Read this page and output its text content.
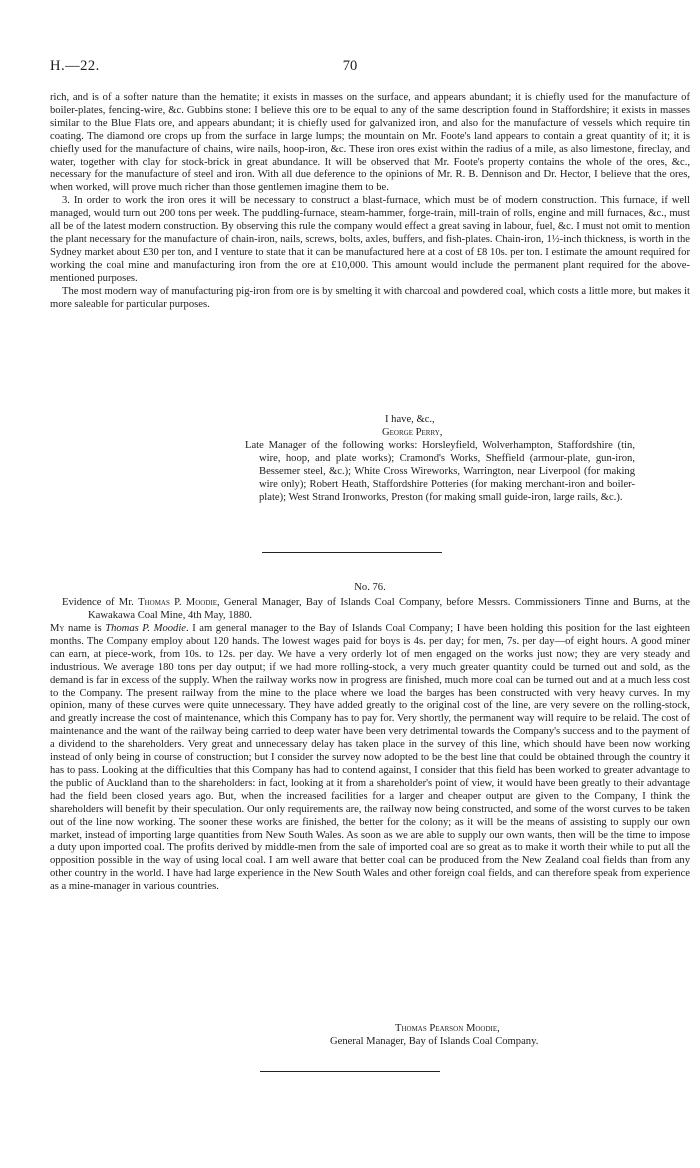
H.—22.	70

rich, and is of a softer nature than the hematite; it exists in masses on the surface, and appears abundant; it is chiefly used for the manufacture of boiler-plates, fencing-wire, &c. Gubbins stone: I believe this ore to be equal to any of the same description found in Staffordshire; it exists in masses similar to the Blue Flats ore, and appears abundant; it is chiefly used for galvanized iron, and also for the manufacture of vessels which require tin coating. The diamond ore crops up from the surface in large lumps; the mountain on Mr. Foote's land appears to contain a great quantity of it; it is chiefly used for the manufacture of chains, wire nails, hoop-iron, &c. These iron ores exist within the radius of a mile, as also limestone, fireclay, and water, together with clay for stock-brick in great abundance. It will be observed that Mr. Foote's property contains the whole of the ores, &c., necessary for the manufacture of steel and iron. With all due deference to the opinions of Mr. R. B. Dennison and Dr. Hector, I believe that the ores, when worked, will prove much richer than those gentlemen imagine them to be.

3. In order to work the iron ores it will be necessary to construct a blast-furnace, which must be of modern construction. This furnace, if well managed, would turn out 200 tons per week. The puddling-furnace, steam-hammer, forge-train, mill-train of rolls, engine and mill furnaces, &c., must all be of the latest modern construction. By observing this rule the company would effect a great saving in labour, fuel, &c. I must not omit to mention the plant necessary for the manufacture of chain-iron, nails, screws, bolts, axles, buffers, and fish-plates. Chain-iron, 1½-inch thickness, is worth in the Sydney market about £30 per ton, and I venture to state that it can be manufactured here at a cost of £8 10s. per ton. I estimate the amount required for working the coal mine and manufacturing iron from the ore at £10,000. This amount would include the permanent plant required for the above-mentioned purposes.

The most modern way of manufacturing pig-iron from ore is by smelting it with charcoal and powdered coal, which costs a little more, but makes it more saleable for particular purposes.

I have, &c.,
George Perry,

Late Manager of the following works: Horsleyfield, Wolverhampton, Staffordshire (tin, wire, hoop, and plate works); Cramond's Works, Sheffield (armour-plate, gun-iron, Bessemer steel, &c.); White Cross Wireworks, Warrington, near Liverpool (for making wire only); Robert Heath, Staffordshire Potteries (for making merchant-iron and boiler-plate); West Strand Ironworks, Preston (for making small guide-iron, large rails, &c.).

No. 76.

Evidence of Mr. Thomas P. Moodie, General Manager, Bay of Islands Coal Company, before Messrs. Commissioners Tinne and Burns, at the Kawakawa Coal Mine, 4th May, 1880.

My name is Thomas P. Moodie. I am general manager to the Bay of Islands Coal Company; I have been holding this position for the last eighteen months. The Company employ about 120 hands. The lowest wages paid for boys is 4s. per day; for men, 7s. per day—of eight hours. A good miner can earn, at piece-work, from 10s. to 12s. per day. We have a very orderly lot of men engaged on the works just now; they are very steady and industrious. We average 180 tons per day output; if we had more rolling-stock, a very much greater quantity could be turned out and sold, as the demand is far in excess of the supply. When the railway works now in progress are finished, much more coal can be turned out and at a much less cost to the Company. The present railway from the mine to the place where we load the barges has been constructed with very heavy curves. In my opinion, many of these curves were quite unnecessary. They have added greatly to the original cost of the line, are very severe on the rolling-stock, and greatly increase the cost of maintenance, which this Company has to pay for. Very shortly, the permanent way will require to be relaid. The cost of maintenance and the want of the railway being carried to deep water have been very detrimental towards the Company's success and to the payment of a dividend to the shareholders. Very great and unnecessary delay has taken place in the survey of this line, which should have been now working instead of only being in course of construction; but I consider the survey now adopted to be the best line that could be obtained through the country it has to pass. Looking at the difficulties that this Company has had to contend against, I consider that this field has been worked to greater advantage to the public of Auckland than to the shareholders: in fact, looking at it from a shareholder's point of view, it would have been greatly to their advantage had the field been closed years ago. But, when the increased facilities for a larger and cheaper output are given to the Company, I think the shareholders will benefit by their speculation. Our only requirements are, the railway now being constructed, and some of the worst curves to be taken out of the line now working. The sooner these works are finished, the better for the colony; as it will be the means of assisting to supply our own market, instead of importing large quantities from New South Wales. As soon as we are able to supply our own wants, then will be the time to impose a duty upon imported coal. The profits derived by middle-men from the sale of imported coal are so great as to make it worth their while to put all the opposition possible in the way of using local coal. I am well aware that better coal can be produced from the New Zealand coal fields than from any other country in the world. I have had large experience in the New South Wales and other foreign coal fields, and can therefore speak from experience as a mine-manager in various countries.

Thomas Pearson Moodie,
General Manager, Bay of Islands Coal Company.
